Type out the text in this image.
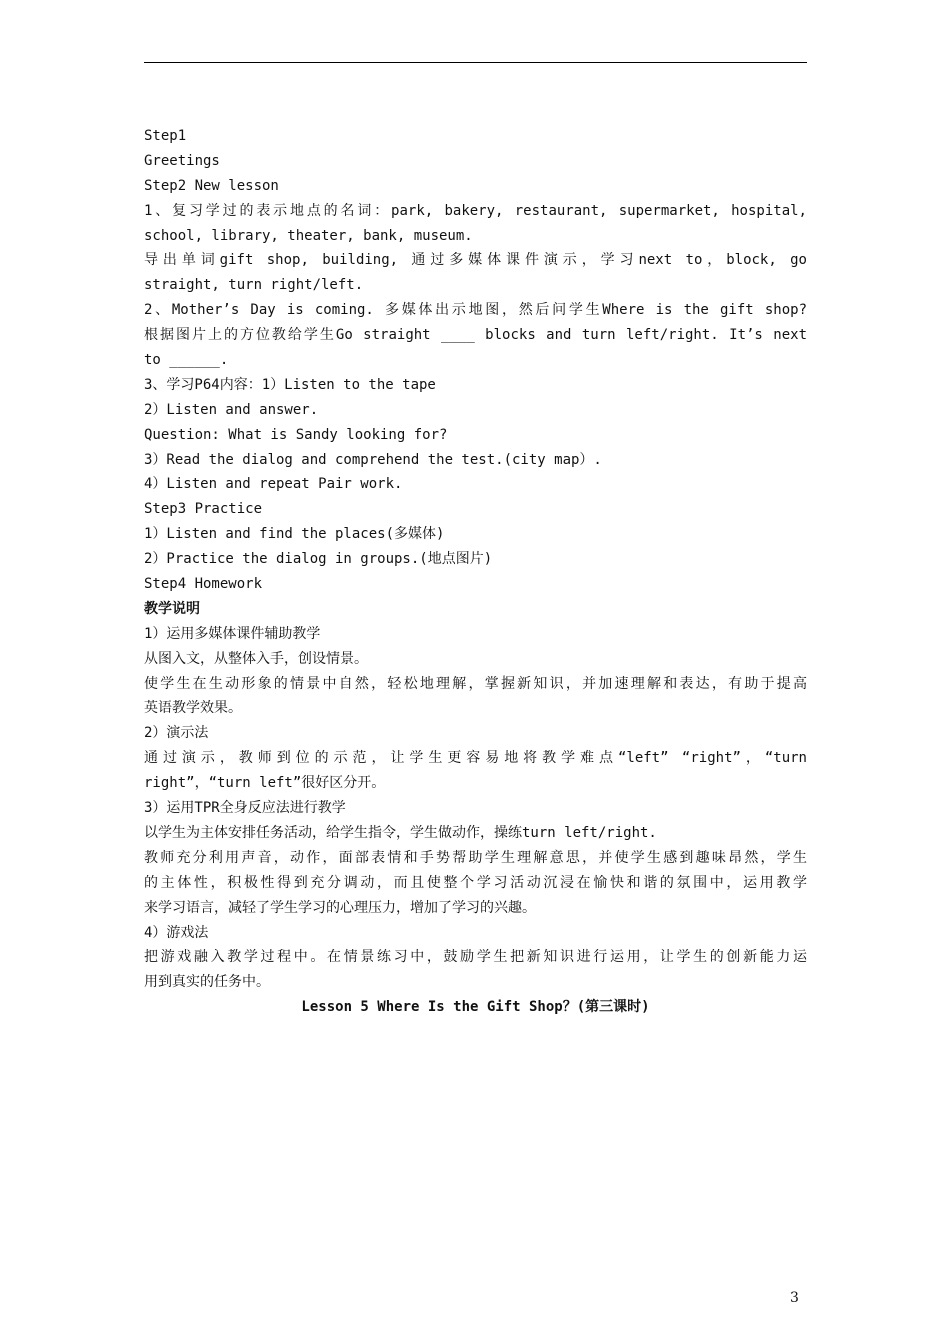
Step1
Greetings
Step2 New lesson
1、复习学过的表示地点的名词：park, bakery, restaurant, supermarket, hospital,
school, library, theater, bank, museum.
导出单词gift shop, building, 通过多媒体课件演示，学习next to，block, go
straight, turn right/left.
2、Mother’s Day is coming. 多媒体出示地图，然后问学生Where is the gift shop?
根据图片上的方位教给学生Go straight ____ blocks and turn left/right. It’s next
to ______.
3、学习P64内容：1）Listen to the tape
2）Listen and answer.
Question: What is Sandy looking for?
3）Read the dialog and comprehend the test.(city map）.
4）Listen and repeat Pair work.
Step3 Practice
1）Listen and find the places(多媒体)
2）Practice the dialog in groups.(地点图片)
Step4 Homework
教学说明
1）运用多媒体课件辅助教学
从图入文，从整体入手，创设情景。
使学生在生动形象的情景中自然，轻松地理解，掌握新知识，并加速理解和表达，有助于提高
英语教学效果。
2）演示法
通过演示，教师到位的示范，让学生更容易地将教学难点“left” “right”，“turn
right”，“turn left”很好区分开。
3）运用TPR全身反应法进行教学
以学生为主体安排任务活动，给学生指令，学生做动作，操练turn left/right.
教师充分利用声音，动作，面部表情和手势帮助学生理解意思，并使学生感到趣味昂然，学生
的主体性，积极性得到充分调动，而且使整个学习活动沉浸在愉快和谐的氛围中，运用教学
来学习语言，减轻了学生学习的心理压力，增加了学习的兴趣。
4）游戏法
把游戏融入教学过程中。在情景练习中，鼓励学生把新知识进行运用，让学生的创新能力运
用到真实的任务中。
Lesson 5 Where Is the Gift Shop？(第三课时)
3
